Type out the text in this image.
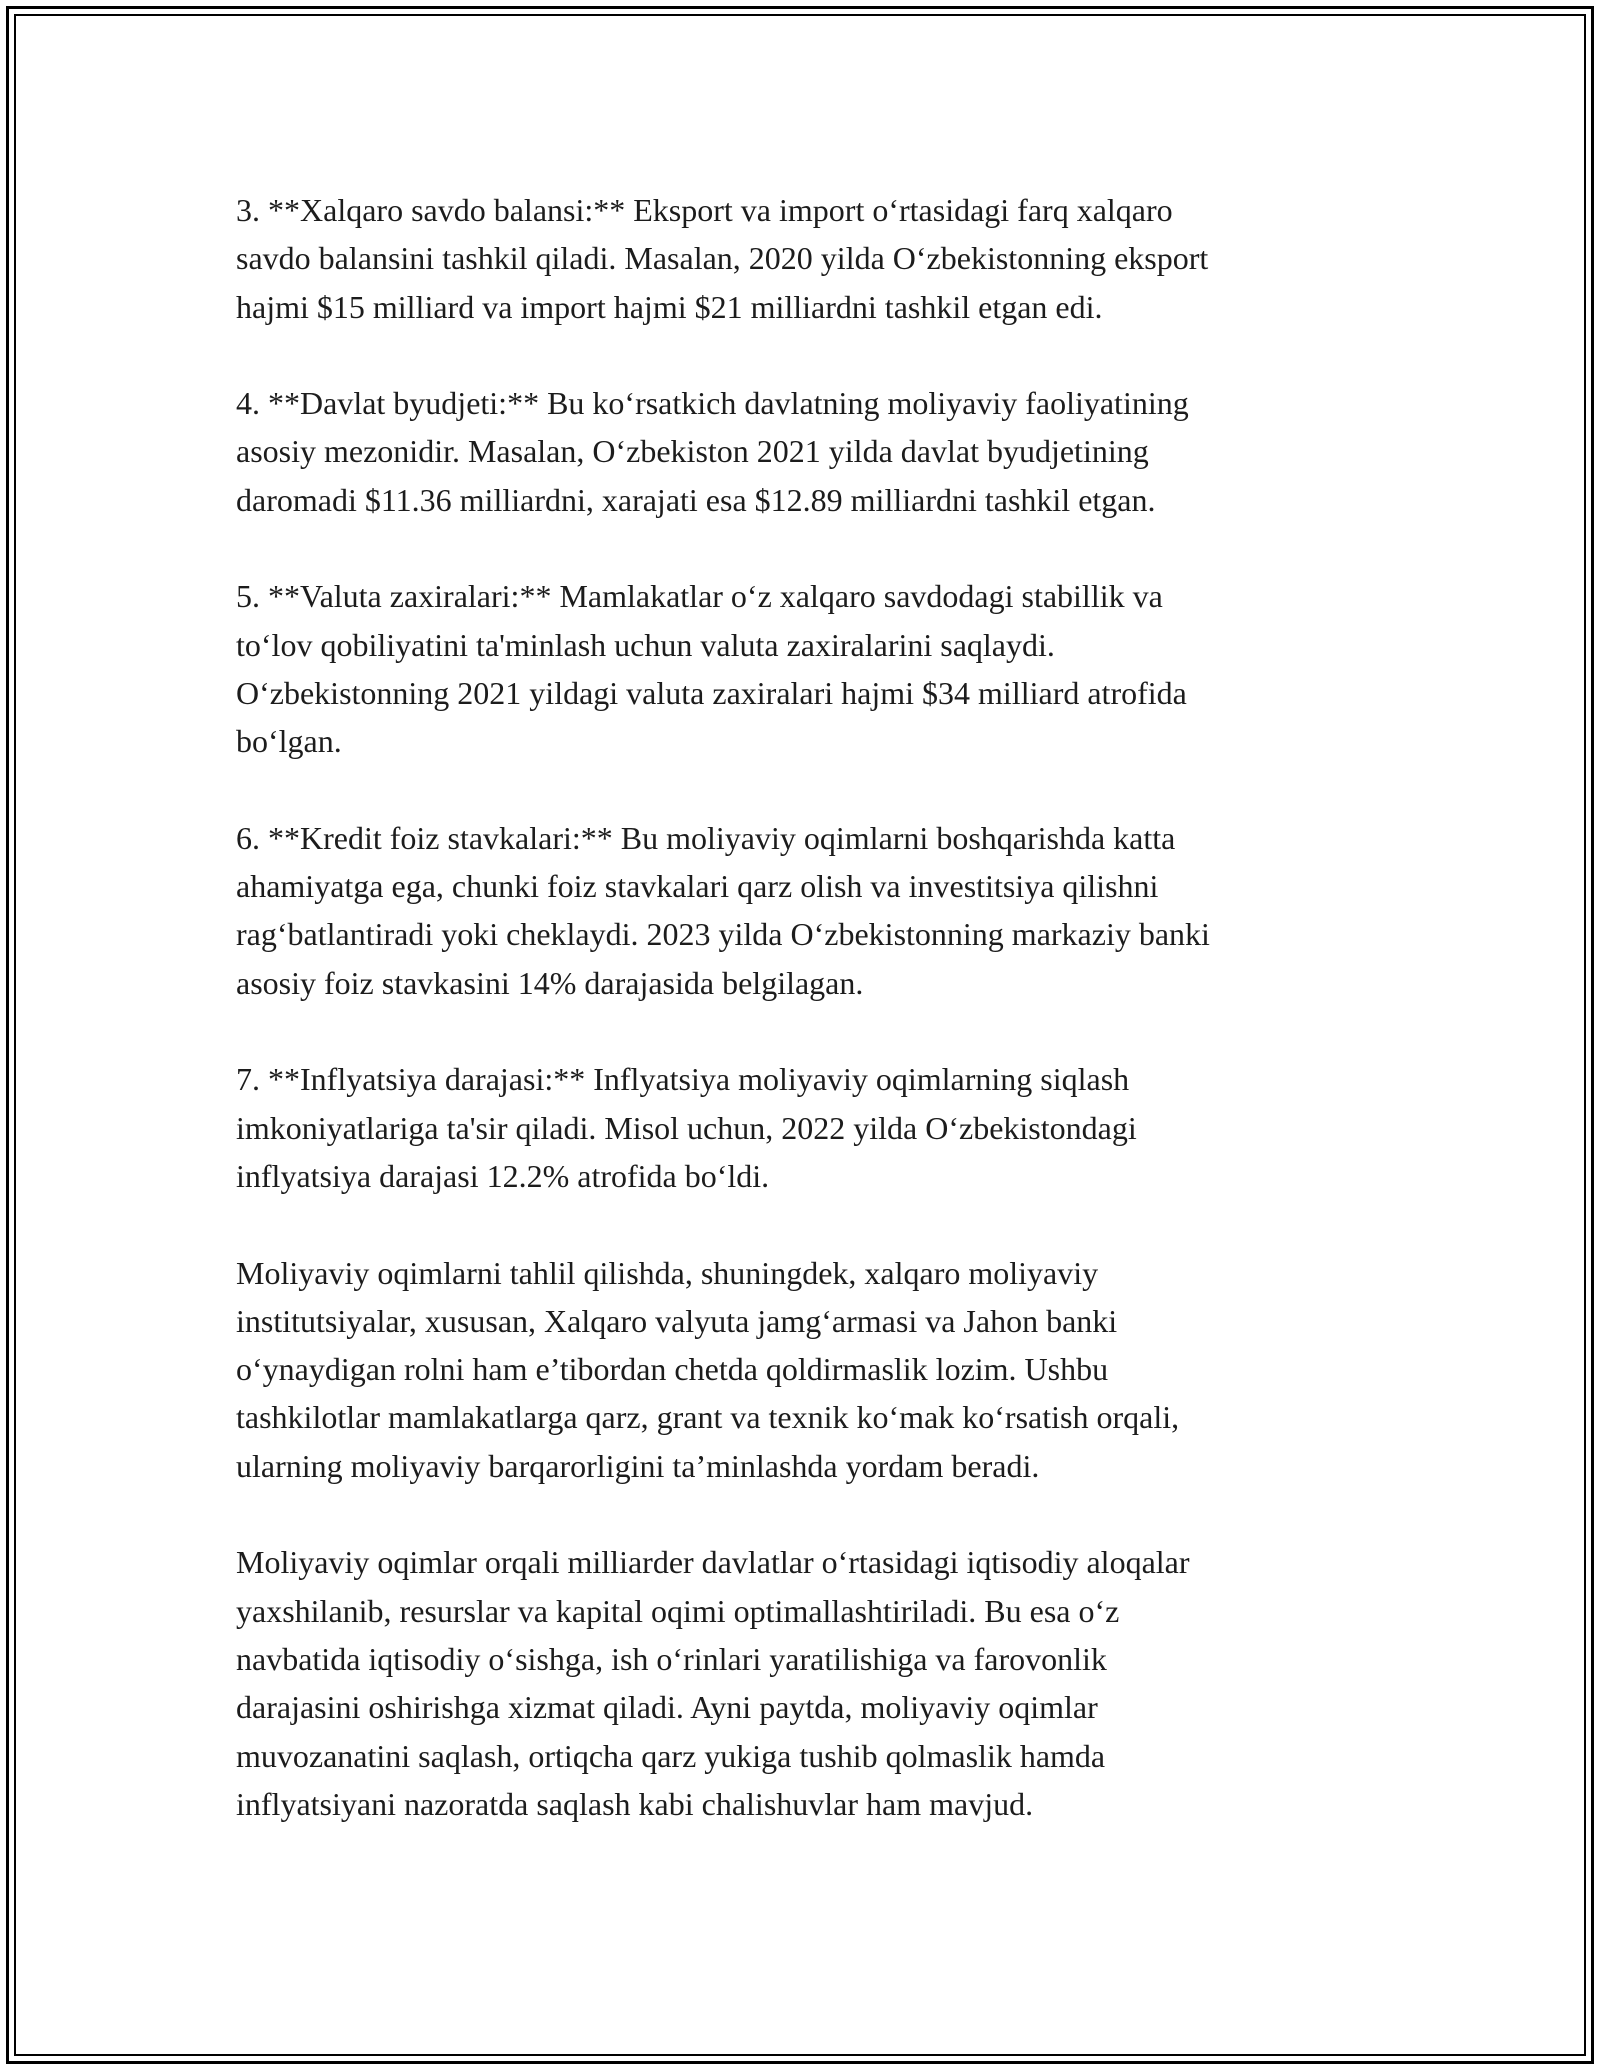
3. **Xalqaro savdo balansi:** Eksport va import o‘rtasidagi farq xalqaro
savdo balansini tashkil qiladi. Masalan, 2020 yilda O‘zbekistonning eksport
hajmi $15 milliard va import hajmi $21 milliardni tashkil etgan edi.

4. **Davlat byudjeti:** Bu ko‘rsatkich davlatning moliyaviy faoliyatining
asosiy mezonidir. Masalan, O‘zbekiston 2021 yilda davlat byudjetining
daromadi $11.36 milliardni, xarajati esa $12.89 milliardni tashkil etgan.

5. **Valuta zaxiralari:** Mamlakatlar o‘z xalqaro savdodagi stabillik va
to‘lov qobiliyatini ta'minlash uchun valuta zaxiralarini saqlaydi.
O‘zbekistonning 2021 yildagi valuta zaxiralari hajmi $34 milliard atrofida
bo‘lgan.

6. **Kredit foiz stavkalari:** Bu moliyaviy oqimlarni boshqarishda katta
ahamiyatga ega, chunki foiz stavkalari qarz olish va investitsiya qilishni
rag‘batlantiradi yoki cheklaydi. 2023 yilda O‘zbekistonning markaziy banki
asosiy foiz stavkasini 14% darajasida belgilagan.

7. **Inflyatsiya darajasi:** Inflyatsiya moliyaviy oqimlarning siqlash
imkoniyatlariga ta'sir qiladi. Misol uchun, 2022 yilda O‘zbekistondagi
inflyatsiya darajasi 12.2% atrofida bo‘ldi.

Moliyaviy oqimlarni tahlil qilishda, shuningdek, xalqaro moliyaviy
institutsiyalar, xususan, Xalqaro valyuta jamg‘armasi va Jahon banki
o‘ynaydigan rolni ham e’tibordan chetda qoldirmaslik lozim. Ushbu
tashkilotlar mamlakatlarga qarz, grant va texnik ko‘mak ko‘rsatish orqali,
ularning moliyaviy barqarorligini ta’minlashda yordam beradi.

Moliyaviy oqimlar orqali milliarder davlatlar o‘rtasidagi iqtisodiy aloqalar
yaxshilanib, resurslar va kapital oqimi optimallashtiriladi. Bu esa o‘z
navbatida iqtisodiy o‘sishga, ish o‘rinlari yaratilishiga va farovonlik
darajasini oshirishga xizmat qiladi. Ayni paytda, moliyaviy oqimlar
muvozanatini saqlash, ortiqcha qarz yukiga tushib qolmaslik hamda
inflyatsiyani nazoratda saqlash kabi chalishuvlar ham mavjud.
